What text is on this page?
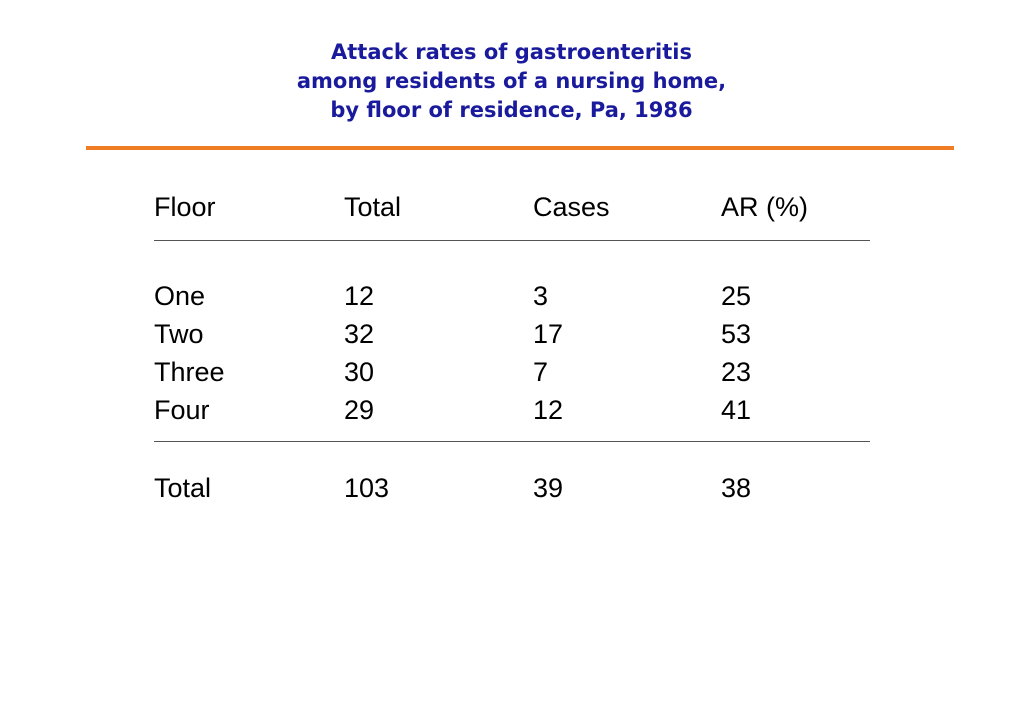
Attack rates of gastroenteritis
among residents of a nursing home,
by floor of residence, Pa, 1986
Floor	Total	Cases	AR (%)
One	12	3	25
Two	32	17	53
Three	30	7	23
Four	29	12	41
Total	103	39	38
